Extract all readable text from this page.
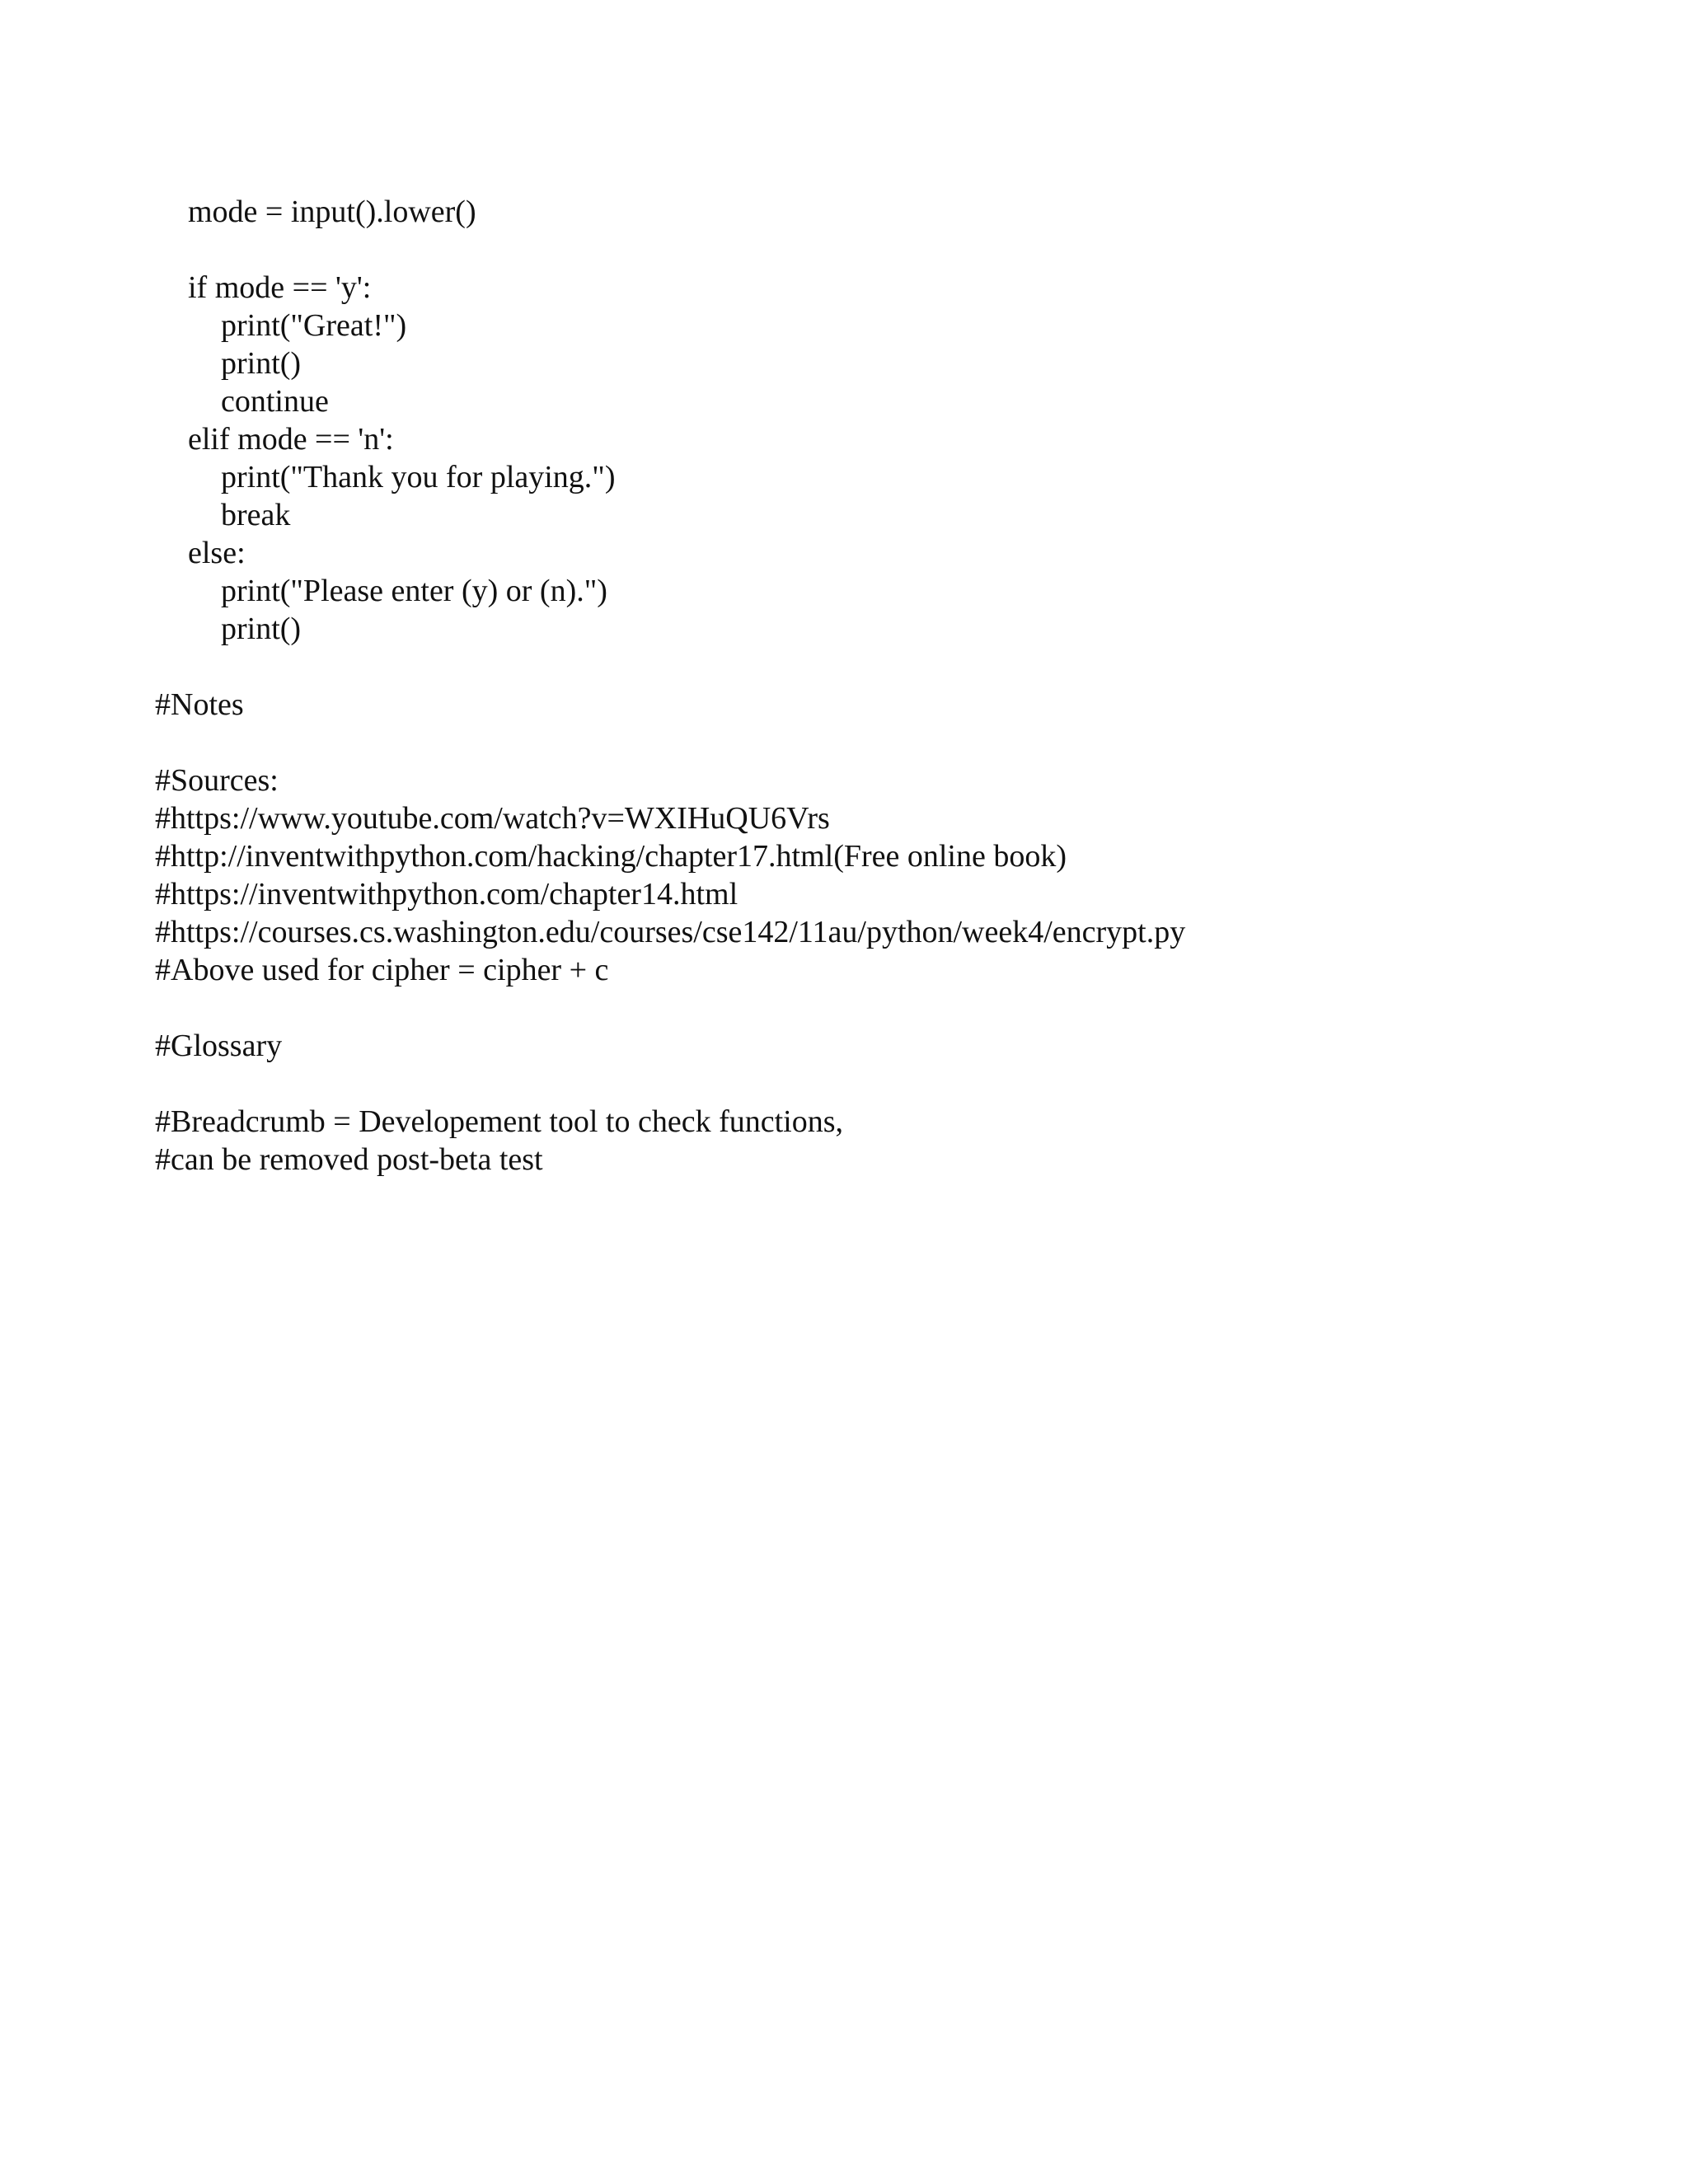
mode = input().lower()
if mode == 'y':
print("Great!")
print()
continue
elif mode == 'n':
print("Thank you for playing.")
break
else:
print("Please enter (y) or (n).")
print()
#Notes
#Sources:
#https://www.youtube.com/watch?v=WXIHuQU6Vrs
#http://inventwithpython.com/hacking/chapter17.html(Free online book)
#https://inventwithpython.com/chapter14.html
#https://courses.cs.washington.edu/courses/cse142/11au/python/week4/encrypt.py
#Above used for cipher = cipher + c
#Glossary
#Breadcrumb = Developement tool to check functions,
#can be removed post-beta test
